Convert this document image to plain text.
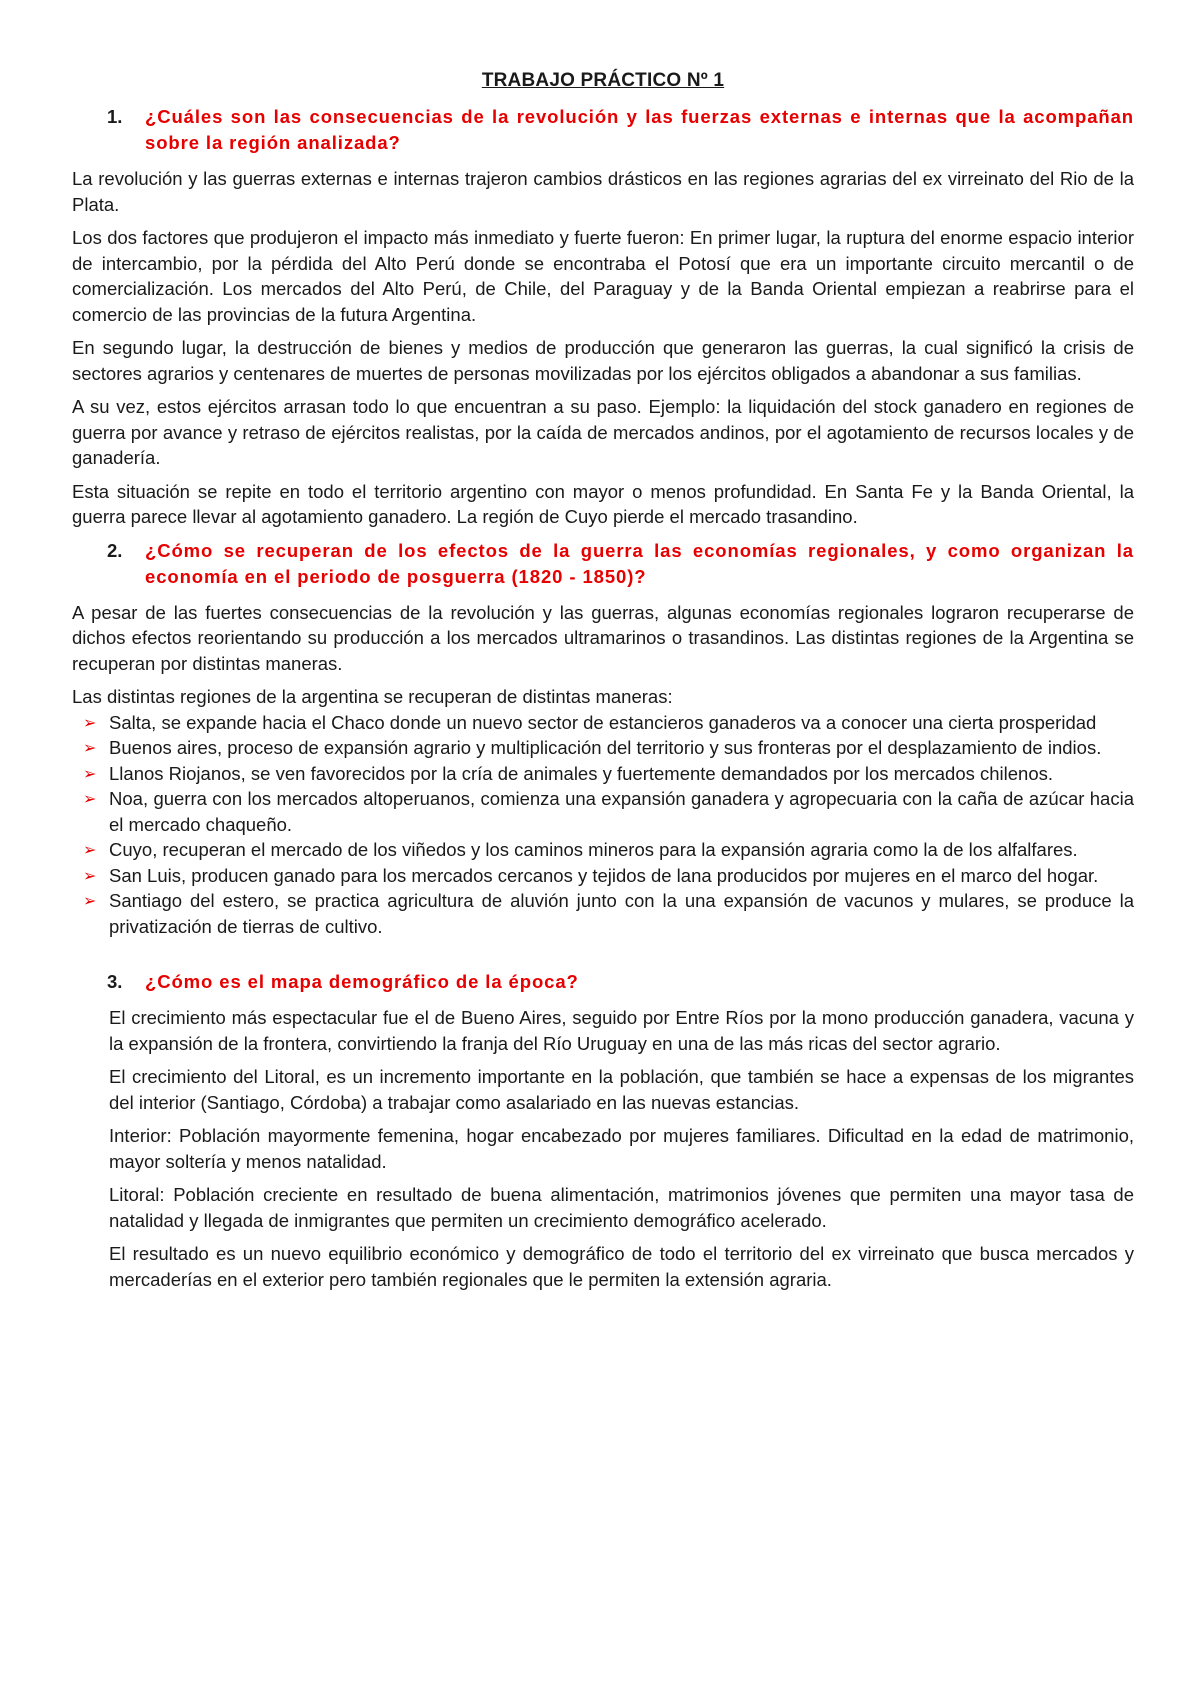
TRABAJO PRÁCTICO Nº 1
1.	¿Cuáles son las consecuencias de la revolución y las fuerzas externas e internas que la acompañan sobre la región analizada?

La revolución y las guerras externas e internas trajeron cambios drásticos en las regiones agrarias del ex virreinato del Rio de la Plata.

Los dos factores que produjeron el impacto más inmediato y fuerte fueron: En primer lugar, la ruptura del enorme espacio interior de intercambio, por la pérdida del Alto Perú donde se encontraba el Potosí que era un importante circuito mercantil o de comercialización. Los mercados del Alto Perú, de Chile, del Paraguay y de la Banda Oriental empiezan a reabrirse para el comercio de las provincias de la futura Argentina.

En segundo lugar, la destrucción de bienes y medios de producción que generaron las guerras, la cual significó la crisis de sectores agrarios y centenares de muertes de personas movilizadas por los ejércitos obligados a abandonar a sus familias.

A su vez, estos ejércitos arrasan todo lo que encuentran a su paso. Ejemplo: la liquidación del stock ganadero en regiones de guerra por avance y retraso de ejércitos realistas, por la caída de mercados andinos, por el agotamiento de recursos locales y de ganadería.

Esta situación se repite en todo el territorio argentino con mayor o menos profundidad. En Santa Fe y la Banda Oriental, la guerra parece llevar al agotamiento ganadero. La región de Cuyo pierde el mercado trasandino.

2.	¿Cómo se recuperan de los efectos de la guerra las economías regionales, y como organizan la economía en el periodo de posguerra (1820 - 1850)?

A pesar de las fuertes consecuencias de la revolución y las guerras, algunas economías regionales lograron recuperarse de dichos efectos reorientando su producción a los mercados ultramarinos o trasandinos. Las distintas regiones de la Argentina se recuperan por distintas maneras.

Las distintas regiones de la argentina se recuperan de distintas maneras:

➢ Salta, se expande hacia el Chaco donde un nuevo sector de estancieros ganaderos va a conocer una cierta prosperidad
➢ Buenos aires, proceso de expansión agrario y multiplicación del territorio y sus fronteras por el desplazamiento de indios.
➢ Llanos Riojanos, se ven favorecidos por la cría de animales y fuertemente demandados por los mercados chilenos.
➢ Noa, guerra con los mercados altoperuanos, comienza una expansión ganadera y agropecuaria con la caña de azúcar hacia el mercado chaqueño.
➢ Cuyo, recuperan el mercado de los viñedos y los caminos mineros para la expansión agraria como la de los alfalfares.
➢ San Luis, producen ganado para los mercados cercanos y tejidos de lana producidos por mujeres en el marco del hogar.
➢ Santiago del estero, se practica agricultura de aluvión junto con la una expansión de vacunos y mulares, se produce la privatización de tierras de cultivo.
3.	¿Cómo es el mapa demográfico de la época?

El crecimiento más espectacular fue el de Bueno Aires, seguido por Entre Ríos por la mono producción ganadera, vacuna y la expansión de la frontera, convirtiendo la franja del Río Uruguay en una de las más ricas del sector agrario.

El crecimiento del Litoral, es un incremento importante en la población, que también se hace a expensas de los migrantes del interior (Santiago, Córdoba) a trabajar como asalariado en las nuevas estancias.

Interior: Población mayormente femenina, hogar encabezado por mujeres familiares. Dificultad en la edad de matrimonio, mayor soltería y menos natalidad.

Litoral: Población creciente en resultado de buena alimentación, matrimonios jóvenes que permiten una mayor tasa de natalidad y llegada de inmigrantes que permiten un crecimiento demográfico acelerado.

El resultado es un nuevo equilibrio económico y demográfico de todo el territorio del ex virreinato que busca mercados y mercaderías en el exterior pero también regionales que le permiten la extensión agraria.
